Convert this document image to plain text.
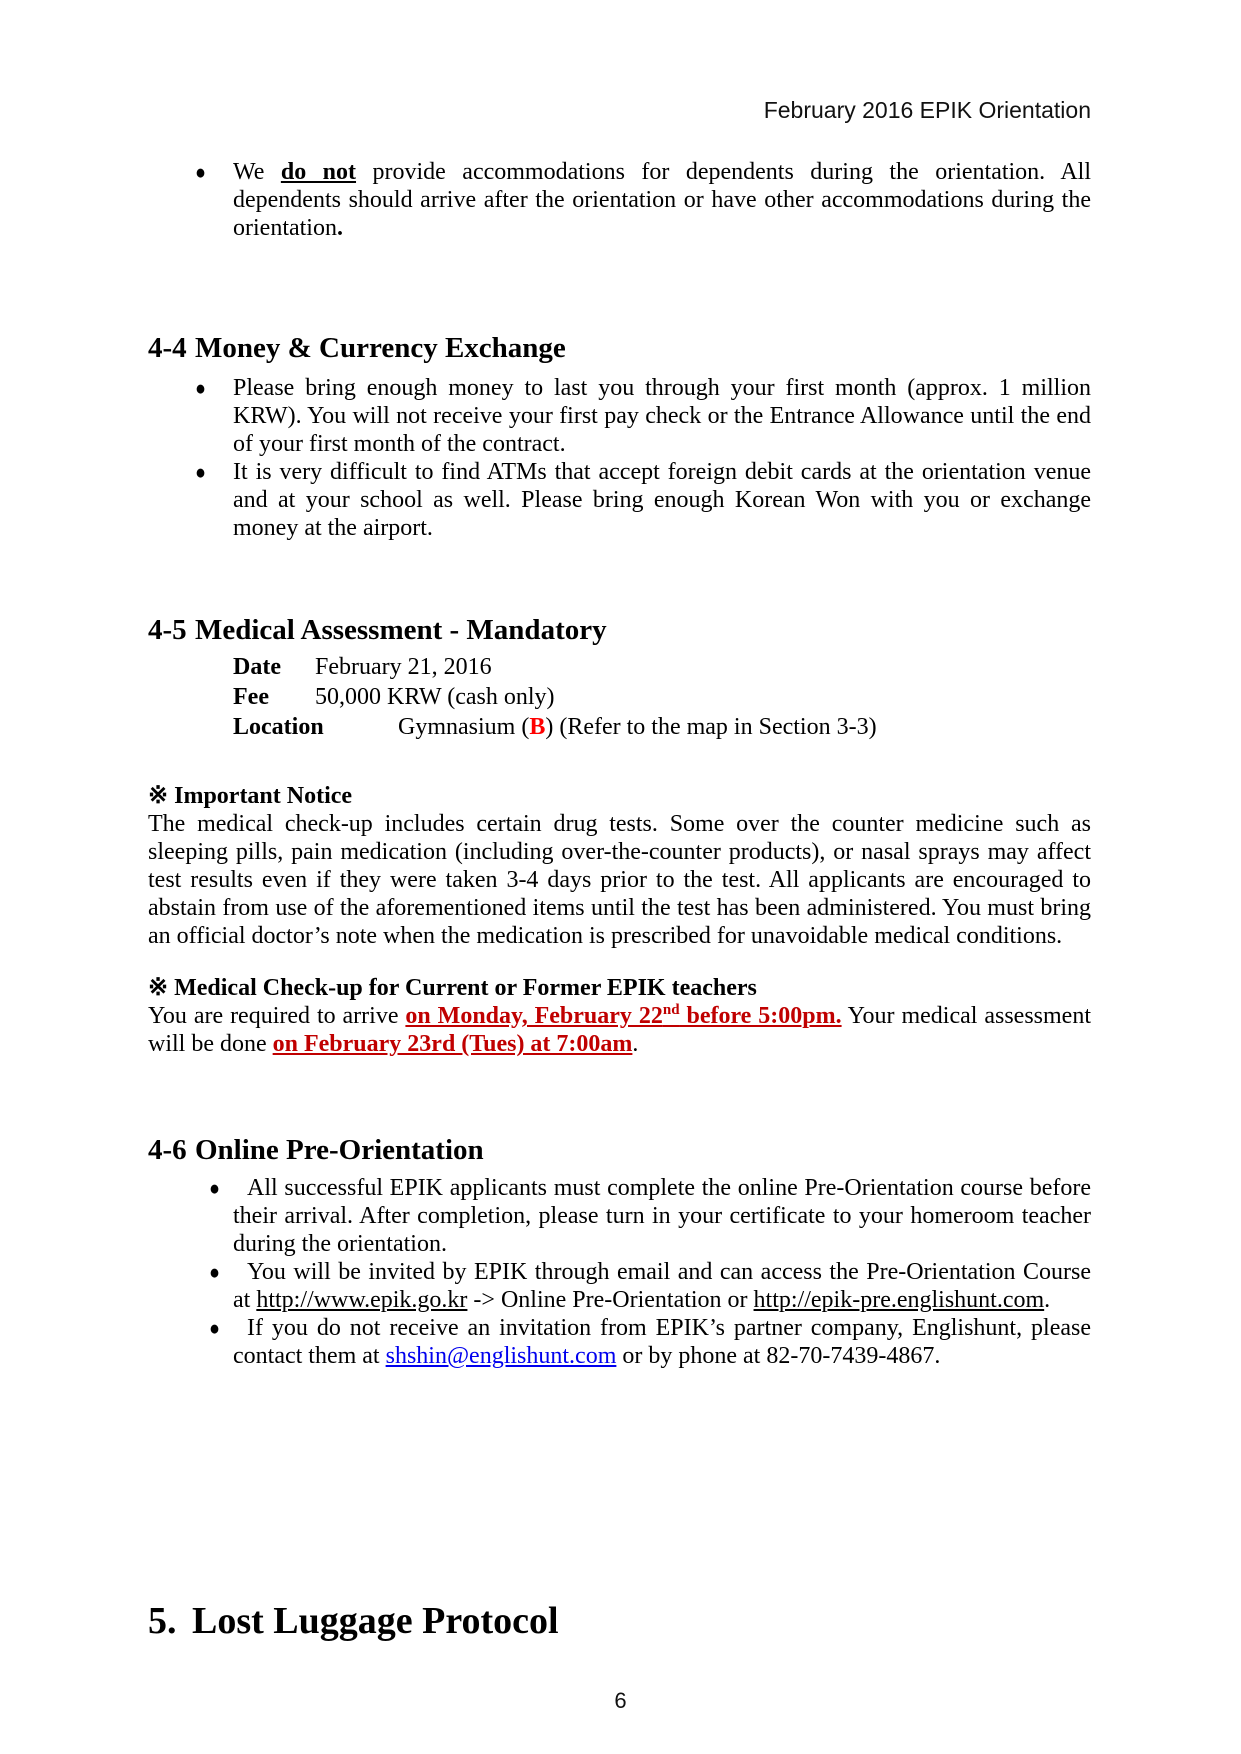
February 2016 EPIK Orientation
● We do not provide accommodations for dependents during the orientation. All dependents should arrive after the orientation or have other accommodations during the orientation.
4-4 Money & Currency Exchange
● Please bring enough money to last you through your first month (approx. 1 million KRW). You will not receive your first pay check or the Entrance Allowance until the end of your first month of the contract.
● It is very difficult to find ATMs that accept foreign debit cards at the orientation venue and at your school as well. Please bring enough Korean Won with you or exchange money at the airport.
4-5 Medical Assessment - Mandatory
Date February 21, 2016
Fee 50,000 KRW (cash only)
Location	Gymnasium (B) (Refer to the map in Section 3-3)

※ Important Notice

The medical check-up includes certain drug tests. Some over the counter medicine such as sleeping pills, pain medication (including over-the-counter products), or nasal sprays may affect test results even if they were taken 3-4 days prior to the test. All applicants are encouraged to abstain from use of the aforementioned items until the test has been administered. You must bring an official doctor’s note when the medication is prescribed for unavoidable medical conditions.

※ Medical Check-up for Current or Former EPIK teachers

You are required to arrive on Monday, February 22nd before 5:00pm. Your medical assessment will be done on February 23rd (Tues) at 7:00am.

4-6 Online Pre-Orientation
● All successful EPIK applicants must complete the online Pre-Orientation course before their arrival. After completion, please turn in your certificate to your homeroom teacher during the orientation.
● You will be invited by EPIK through email and can access the Pre-Orientation Course at http://www.epik.go.kr -> Online Pre-Orientation or http://epik-pre.englishunt.com.
● If you do not receive an invitation from EPIK’s partner company, Englishunt, please contact them at shshin@englishunt.com or by phone at 82-70-7439-4867.
5. Lost Luggage Protocol
6
